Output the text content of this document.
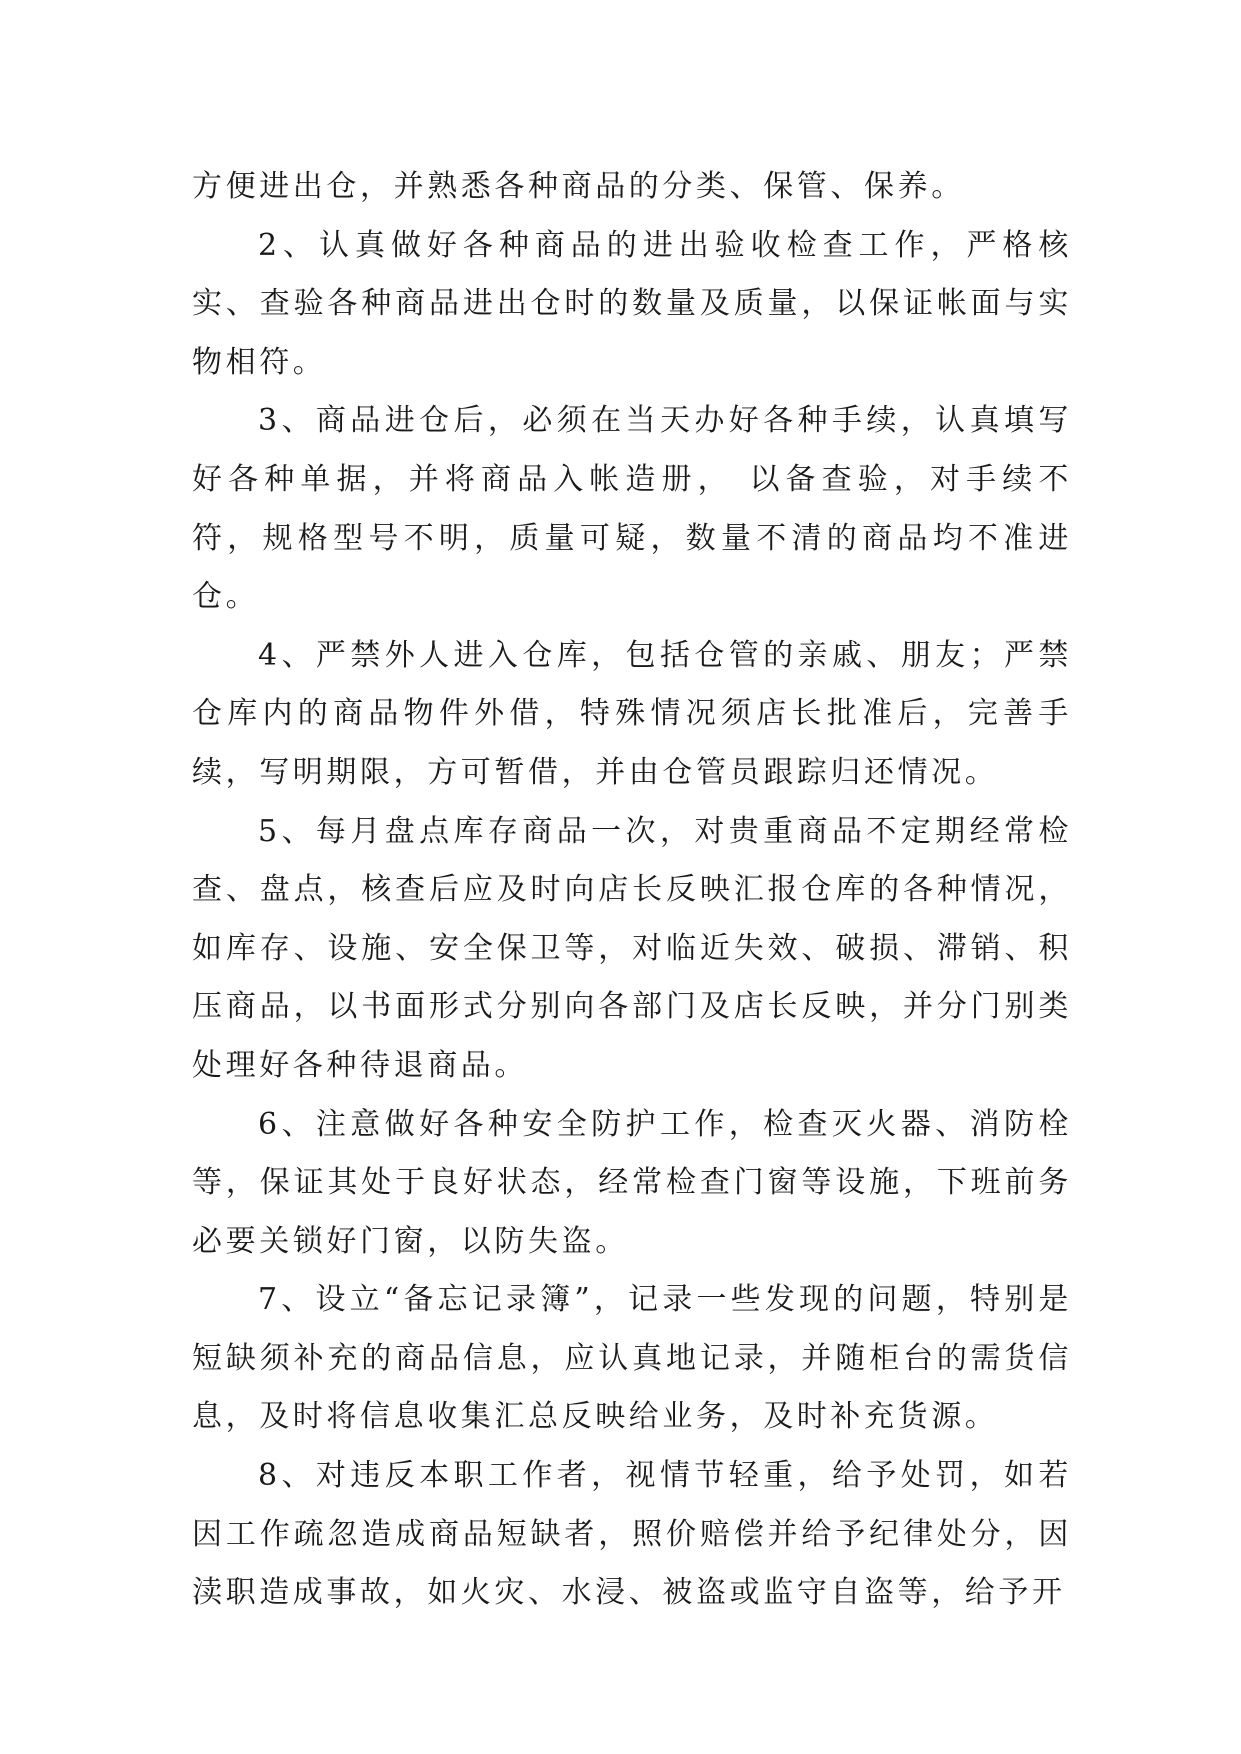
方便进出仓，并熟悉各种商品的分类、保管、保养。

2、认真做好各种商品的进出验收检查工作，严格核实、查验各种商品进出仓时的数量及质量，以保证帐面与实物相符。

3、商品进仓后，必须在当天办好各种手续，认真填写好各种单据，并将商品入帐造册， 以备查验，对手续不符，规格型号不明，质量可疑，数量不清的商品均不准进仓。

4、严禁外人进入仓库，包括仓管的亲戚、朋友；严禁仓库内的商品物件外借，特殊情况须店长批准后，完善手续，写明期限，方可暂借，并由仓管员跟踪归还情况。

5、每月盘点库存商品一次，对贵重商品不定期经常检查、盘点，核查后应及时向店长反映汇报仓库的各种情况，如库存、设施、安全保卫等，对临近失效、破损、滞销、积压商品，以书面形式分别向各部门及店长反映，并分门别类处理好各种待退商品。

6、注意做好各种安全防护工作，检查灭火器、消防栓等，保证其处于良好状态，经常检查门窗等设施，下班前务必要关锁好门窗，以防失盗。

7、设立“备忘记录簿”，记录一些发现的问题，特别是短缺须补充的商品信息，应认真地记录，并随柜台的需货信息，及时将信息收集汇总反映给业务，及时补充货源。

8、对违反本职工作者，视情节轻重，给予处罚，如若因工作疏忽造成商品短缺者，照价赔偿并给予纪律处分，因渎职造成事故，如火灾、水浸、被盗或监守自盗等，给予开
